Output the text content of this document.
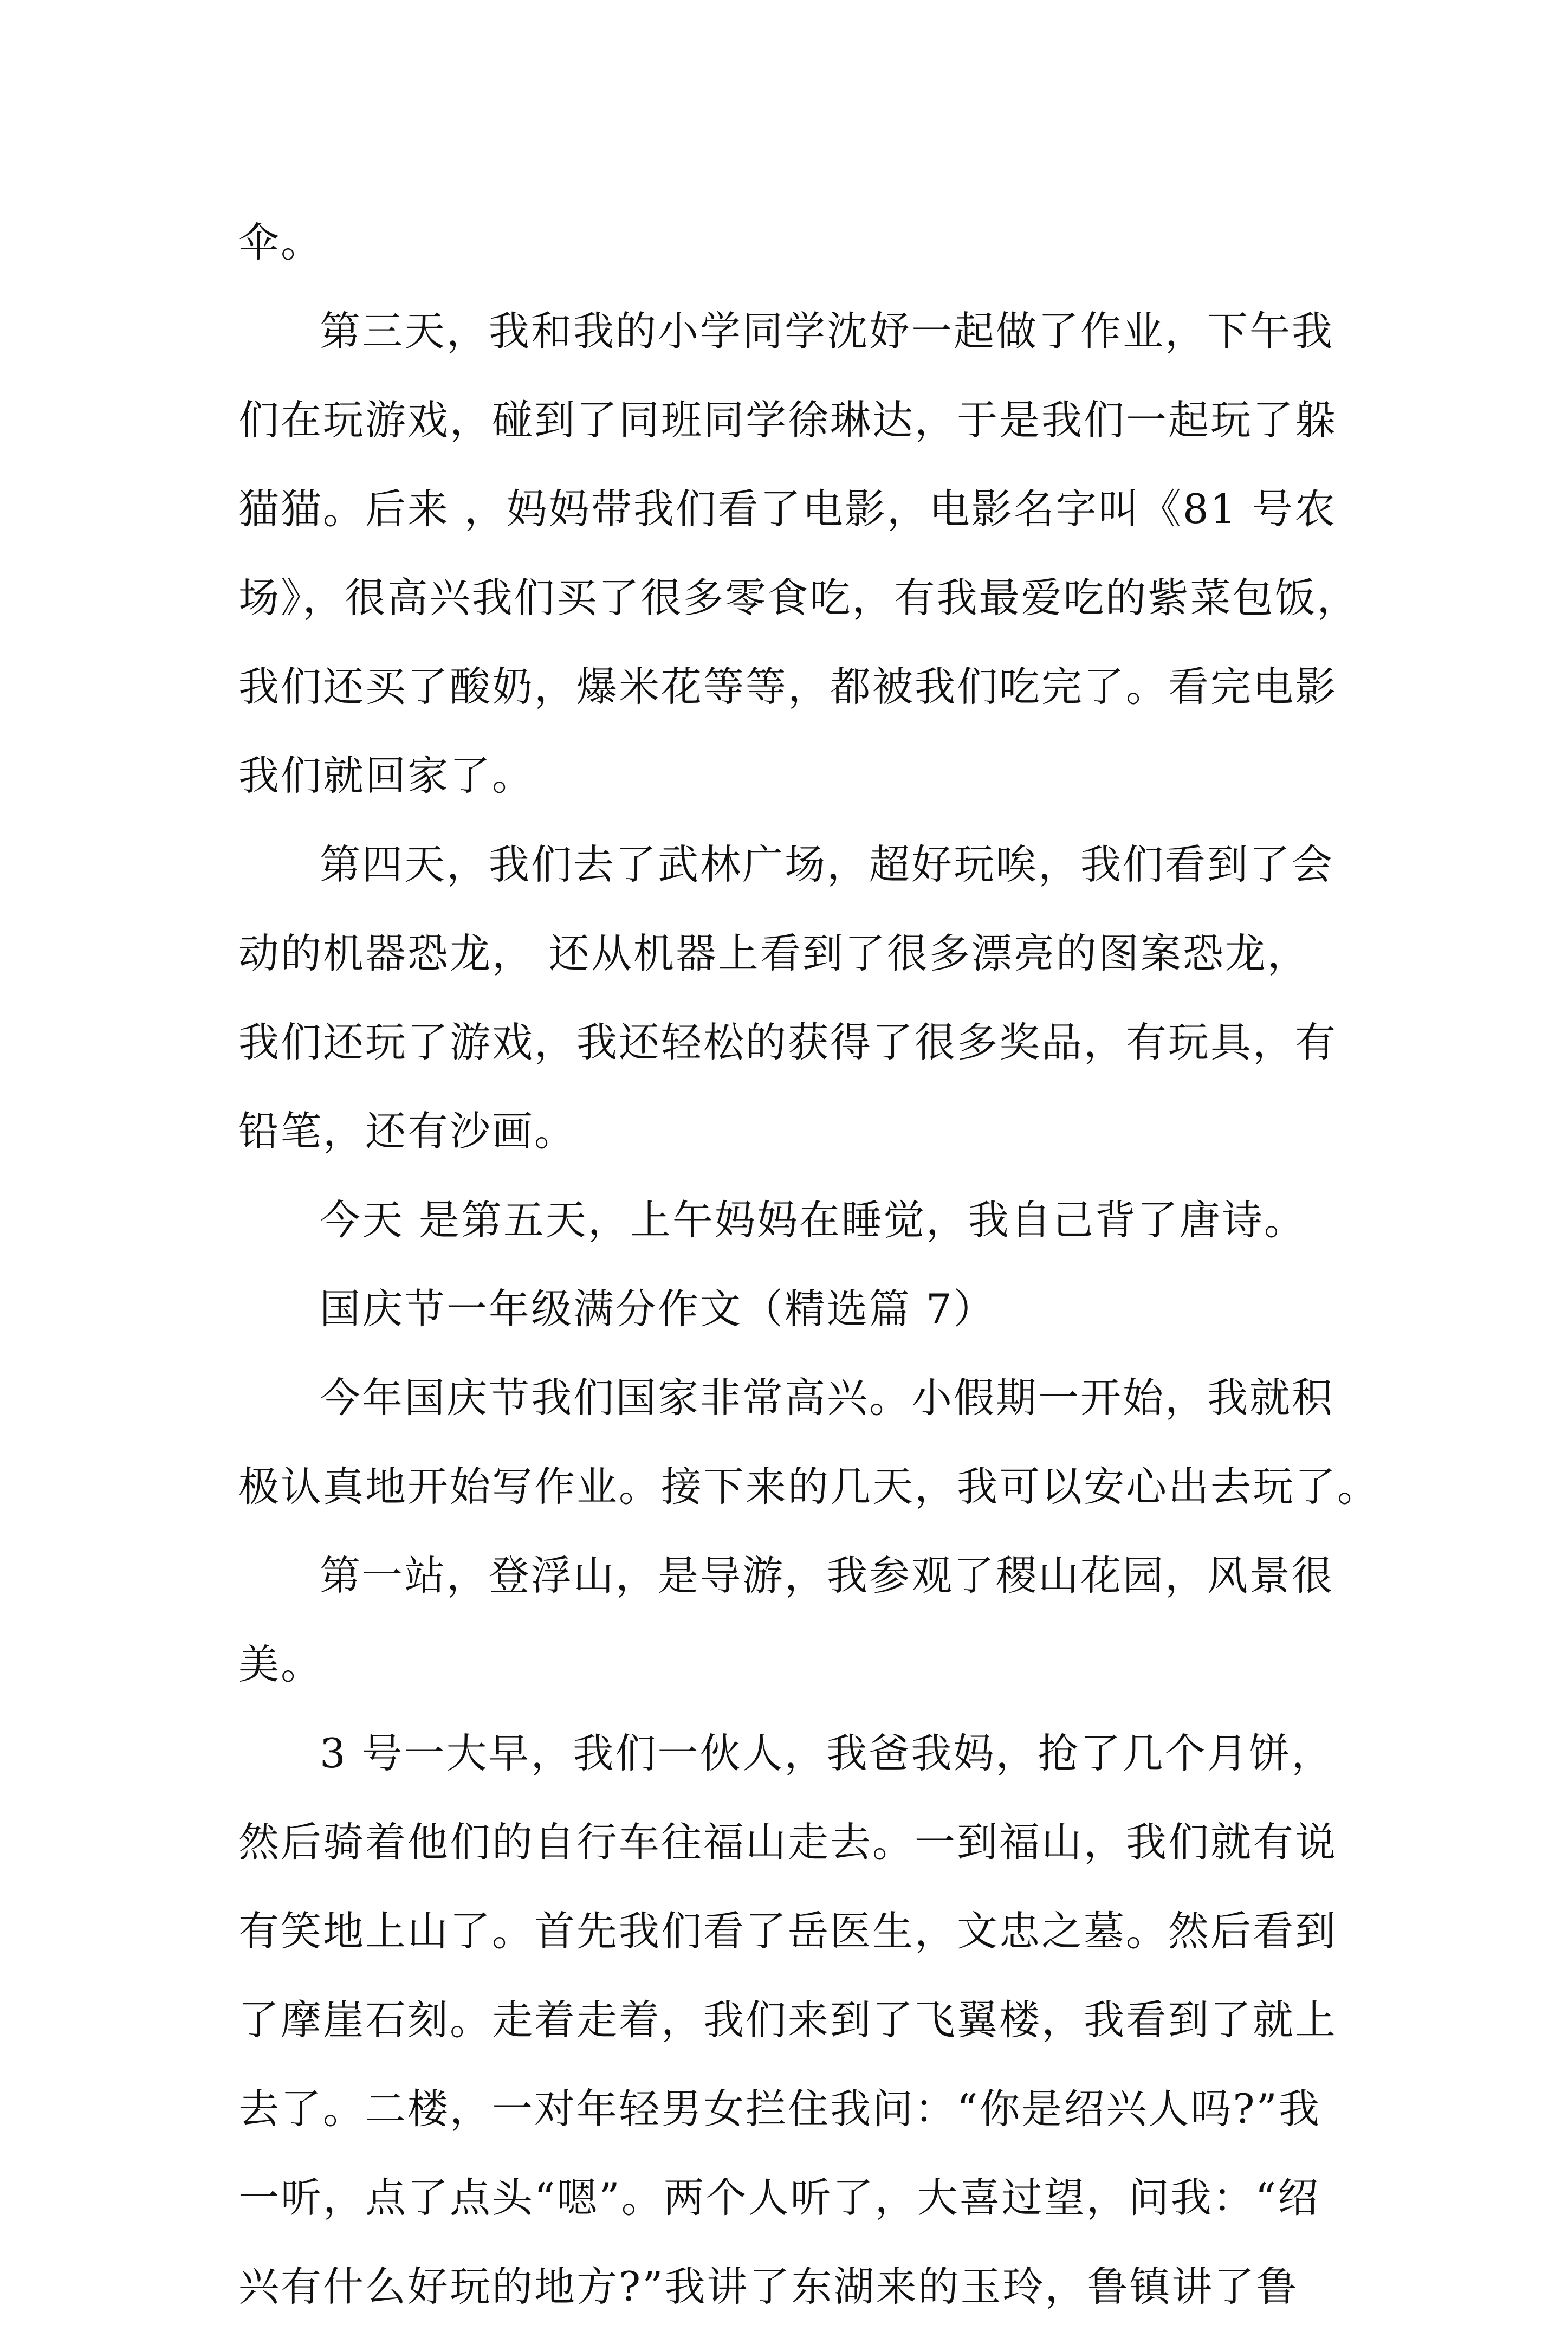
伞。
第三天，我和我的小学同学沈妤一起做了作业，下午我
们在玩游戏，碰到了同班同学徐琳达，于是我们一起玩了躲
猫猫。后来 ，妈妈带我们看了电影，电影名字叫《81 号农
场》，很高兴我们买了很多零食吃，有我最爱吃的紫菜包饭，
我们还买了酸奶，爆米花等等，都被我们吃完了。看完电影
我们就回家了。
第四天，我们去了武林广场，超好玩唉，我们看到了会
动的机器恐龙， 还从机器上看到了很多漂亮的图案恐龙，
我们还玩了游戏，我还轻松的获得了很多奖品，有玩具，有
铅笔，还有沙画。
今天 是第五天，上午妈妈在睡觉，我自己背了唐诗。
国庆节一年级满分作文（精选篇 7）
今年国庆节我们国家非常高兴。小假期一开始，我就积
极认真地开始写作业。接下来的几天，我可以安心出去玩了。
第一站，登浮山，是导游，我参观了稷山花园，风景很
美。
3 号一大早，我们一伙人，我爸我妈，抢了几个月饼，
然后骑着他们的自行车往福山走去。一到福山，我们就有说
有笑地上山了。首先我们看了岳医生，文忠之墓。然后看到
了摩崖石刻。走着走着，我们来到了飞翼楼，我看到了就上
去了。二楼，一对年轻男女拦住我问：“你是绍兴人吗?”我
一听，点了点头“嗯”。两个人听了，大喜过望，问我：“绍
兴有什么好玩的地方?”我讲了东湖来的玉玲，鲁镇讲了鲁
